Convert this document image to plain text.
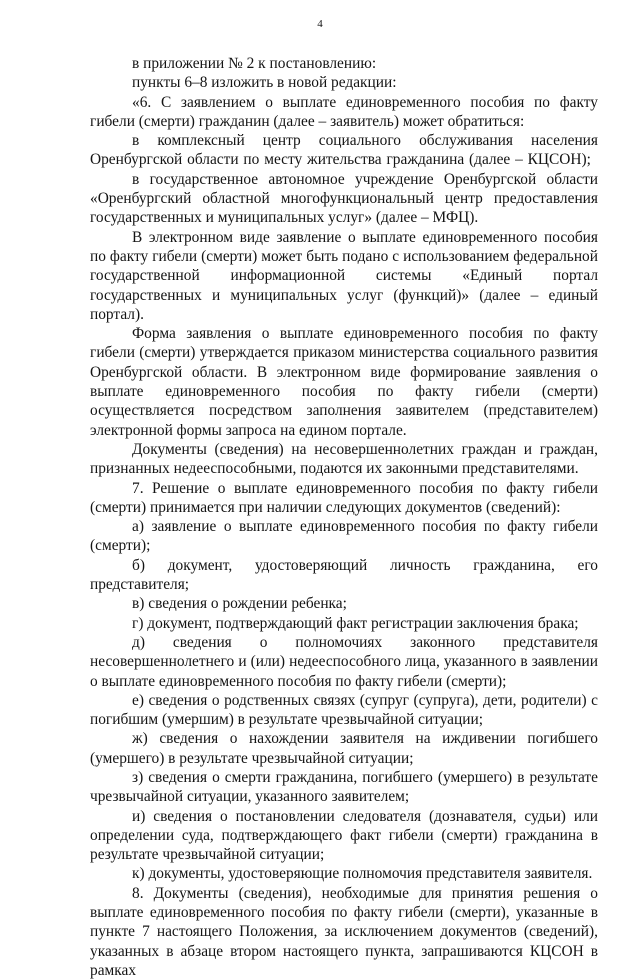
4

в приложении № 2 к постановлению:

пункты 6–8 изложить в новой редакции:

«6. С заявлением о выплате единовременного пособия по факту гибели (смерти) гражданин (далее – заявитель) может обратиться:

в комплексный центр социального обслуживания населения Оренбургской области по месту жительства гражданина (далее – КЦСОН);

в государственное автономное учреждение Оренбургской области «Оренбургский областной многофункциональный центр предоставления государственных и муниципальных услуг» (далее – МФЦ).

В электронном виде заявление о выплате единовременного пособия по факту гибели (смерти) может быть подано с использованием федеральной государственной информационной системы «Единый портал государственных и муниципальных услуг (функций)» (далее – единый портал).

Форма заявления о выплате единовременного пособия по факту гибели (смерти) утверждается приказом министерства социального развития Оренбургской области. В электронном виде формирование заявления о выплате единовременного пособия по факту гибели (смерти) осуществляется посредством заполнения заявителем (представителем) электронной формы запроса на едином портале.

Документы (сведения) на несовершеннолетних граждан и граждан, признанных недееспособными, подаются их законными представителями.

7. Решение о выплате единовременного пособия по факту гибели (смерти) принимается при наличии следующих документов (сведений):

а) заявление о выплате единовременного пособия по факту гибели (смерти);

б) документ, удостоверяющий личность гражданина, его представителя;

в) сведения о рождении ребенка;

г) документ, подтверждающий факт регистрации заключения брака;

д) сведения о полномочиях законного представителя несовершеннолетнего и (или) недееспособного лица, указанного в заявлении о выплате единовременного пособия по факту гибели (смерти);

е) сведения о родственных связях (супруг (супруга), дети, родители) с погибшим (умершим) в результате чрезвычайной ситуации;

ж) сведения о нахождении заявителя на иждивении погибшего (умершего) в результате чрезвычайной ситуации;

з) сведения о смерти гражданина, погибшего (умершего) в результате чрезвычайной ситуации, указанного заявителем;

и) сведения о постановлении следователя (дознавателя, судьи) или определении суда, подтверждающего факт гибели (смерти) гражданина в результате чрезвычайной ситуации;

к) документы, удостоверяющие полномочия представителя заявителя.

8. Документы (сведения), необходимые для принятия решения о выплате единовременного пособия по факту гибели (смерти), указанные в пункте 7 настоящего Положения, за исключением документов (сведений), указанных в абзаце втором настоящего пункта, запрашиваются КЦСОН в рамках
